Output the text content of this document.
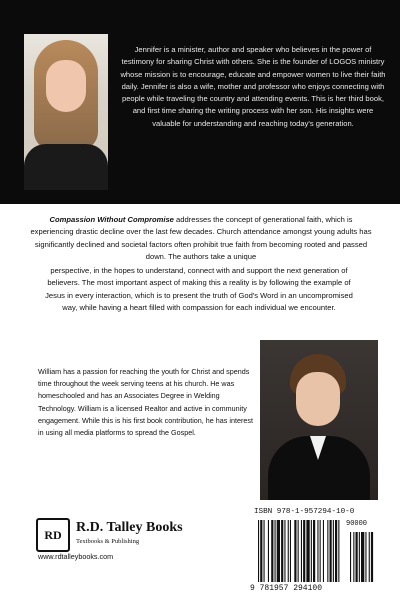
Jennifer is a minister, author and speaker who believes in the power of testimony for sharing Christ with others. She is the founder of LOGOS ministry whose mission is to encourage, educate and empower women to live their faith daily. Jennifer is also a wife, mother and professor who enjoys connecting with people while traveling the country and attending events. This is her third book, and first time sharing the writing process with her son. His insights were valuable for understanding and reaching today's generation.

Compassion Without Compromise addresses the concept of generational faith, which is experiencing drastic decline over the last few decades. Church attendance amongst young adults has significantly declined and societal factors often prohibit true faith from becoming rooted and passed down. The authors take a unique

perspective, in the hopes to understand, connect with and support the next generation of believers. The most important aspect of making this a reality is by following the example of Jesus in every interaction, which is to present the truth of God's Word in an uncompromised way, while having a heart filled with compassion for each individual we encounter.

William has a passion for reaching the youth for Christ and spends time throughout the week serving teens at his church. He was homeschooled and has an Associates Degree in Welding Technology. William is a licensed Realtor and active in community engagement. While this is his first book contribution, he has interest in using all media platforms to spread the Gospel.

RD	R.D. Talley Books
Textbooks & Publishing
www.rdtalleybooks.com
ISBN 978-1-957294-10-0
90000
9 781957 294100
